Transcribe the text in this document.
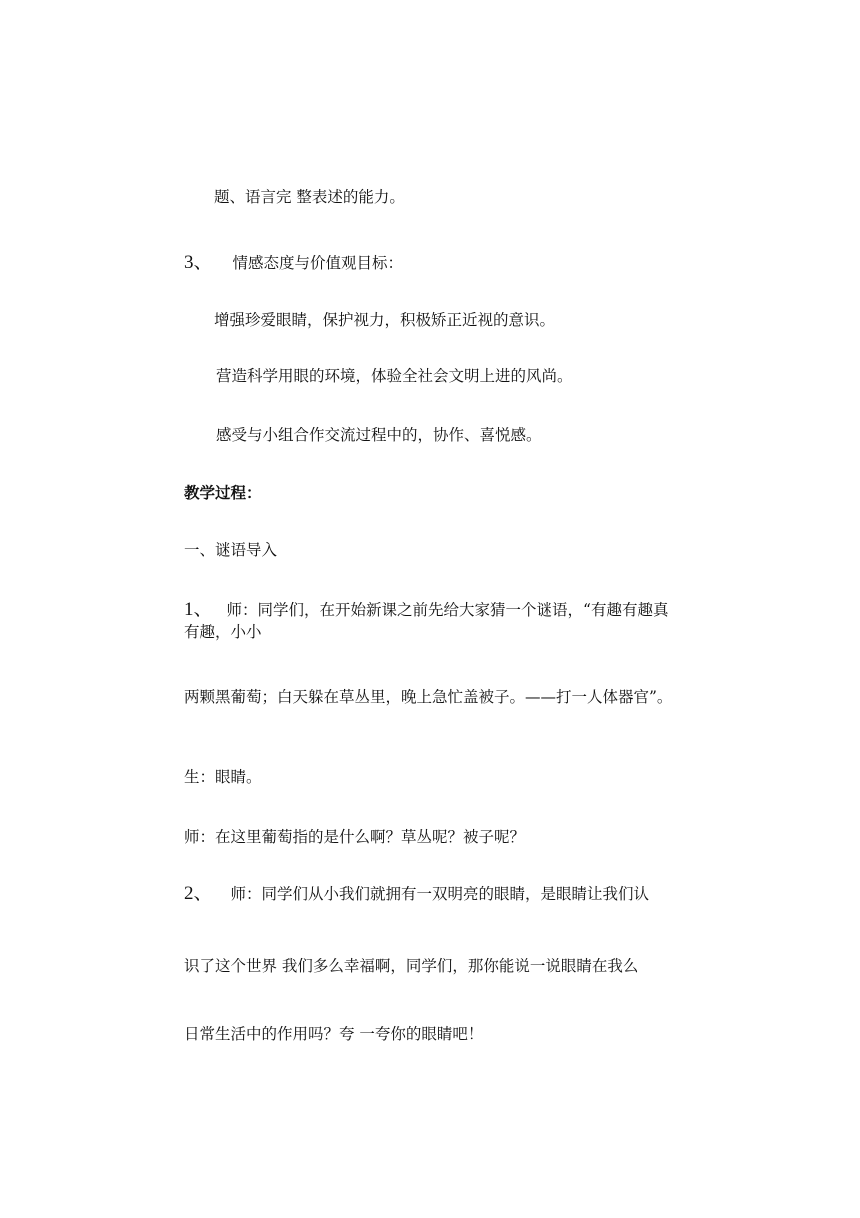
题、语言完 整表述的能力。
3、 情感态度与价值观目标：
增强珍爱眼睛，保护视力，积极矫正近视的意识。
营造科学用眼的环境，体验全社会文明上进的风尚。
感受与小组合作交流过程中的，协作、喜悦感。
教学过程：
一、谜语导入
1、 师：同学们，在开始新课之前先给大家猜一个谜语，“有趣有趣真有趣，小小
两颗黑葡萄；白天躲在草丛里，晚上急忙盖被子。——打一人体器官”。
生：眼睛。
师：在这里葡萄指的是什么啊？草丛呢？被子呢？
2、 师：同学们从小我们就拥有一双明亮的眼睛，是眼睛让我们认
识了这个世界 我们多么幸福啊，同学们，那你能说一说眼睛在我么
日常生活中的作用吗？夸 一夸你的眼睛吧！
